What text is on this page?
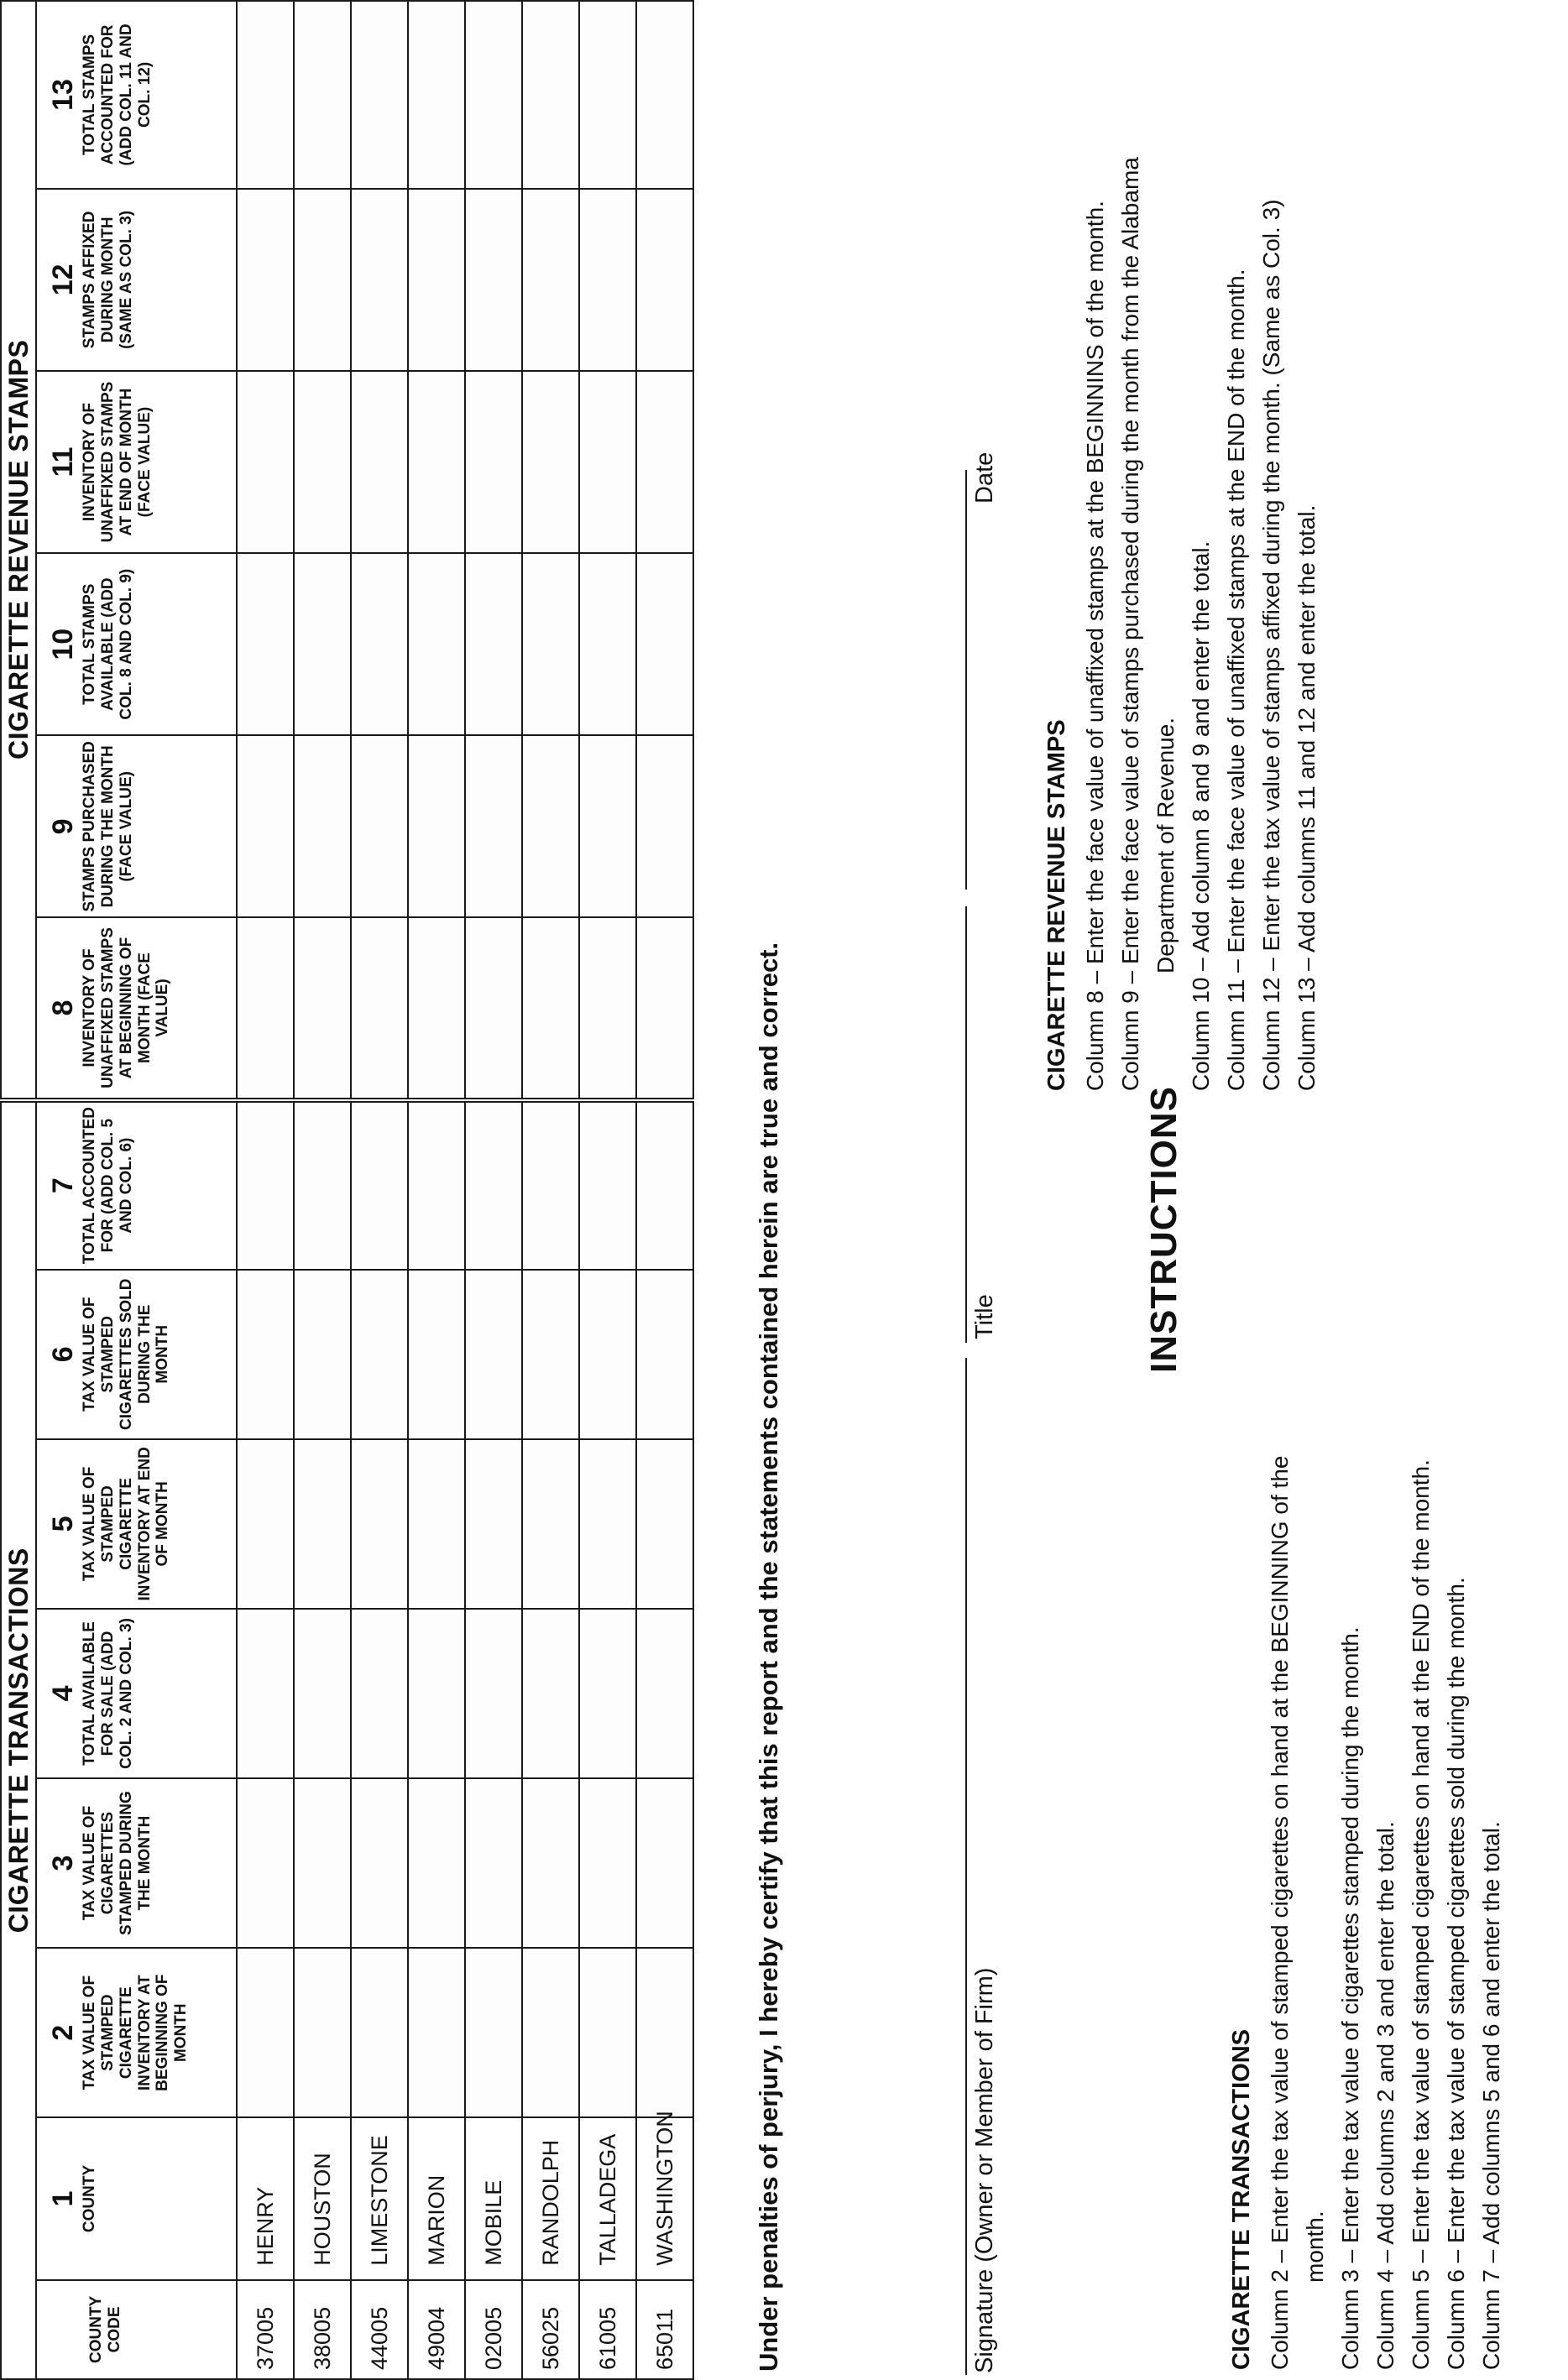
CIGARETTE TRANSACTIONS								CIGARETTE REVENUE STAMPS					

COUNTY CODE	1 COUNTY	2 TAX VALUE OF STAMPED CIGARETTE INVENTORY AT BEGINNING OF MONTH	3 TAX VALUE OF CIGARETTES STAMPED DURING THE MONTH	4 TOTAL AVAILABLE FOR SALE (ADD COL. 2 AND COL. 3)	5 TAX VALUE OF STAMPED CIGARETTE INVENTORY AT END OF MONTH	6 TAX VALUE OF STAMPED CIGARETTES SOLD DURING THE MONTH	7 TOTAL ACCOUNTED FOR (ADD COL. 5 AND COL. 6)	8 INVENTORY OF UNAFFIXED STAMPS AT BEGINNING OF MONTH (FACE VALUE)	9 STAMPS PURCHASED DURING THE MONTH (FACE VALUE)	10 TOTAL STAMPS AVAILABLE (ADD COL. 8 AND COL. 9)	11 INVENTORY OF UNAFFIXED STAMPS AT END OF MONTH (FACE VALUE)	12 STAMPS AFFIXED DURING MONTH (SAME AS COL. 3)	13 TOTAL STAMPS ACCOUNTED FOR (ADD COL. 11 AND COL. 12)

37005	HENRY												
38005	HOUSTON												
44005	LIMESTONE												
49004	MARION												
02005	MOBILE												
56025	RANDOLPH												
61005	TALLADEGA												
65011	WASHINGTON													Under penalties of perjury, I hereby certify that this report and the statements contained herein are true and correct.	Signature (Owner or Member of Firm)
Title
Date
INSTRUCTIONS
CIGARETTE TRANSACTIONS Column 2 – Enter the tax value of stamped cigarettes on hand at the BEGINNING of the month. Column 3 – Enter the tax value of cigarettes stamped during the month. Column 4 – Add columns 2 and 3 and enter the total. Column 5 – Enter the tax value of stamped cigarettes on hand at the END of the month. Column 6 – Enter the tax value of stamped cigarettes sold during the month. Column 7 – Add columns 5 and 6 and enter the total.
CIGARETTE REVENUE STAMPS Column 8 – Enter the face value of unaffixed stamps at the BEGINNINS of the month. Column 9 – Enter the face value of stamps purchased during the month from the Alabama Department of Revenue. Column 10 – Add column 8 and 9 and enter the total. Column 11 – Enter the face value of unaffixed stamps at the END of the month. Column 12 – Enter the tax value of stamps affixed during the month. (Same as Col. 3) Column 13 – Add columns 11 and 12 and enter the total.
